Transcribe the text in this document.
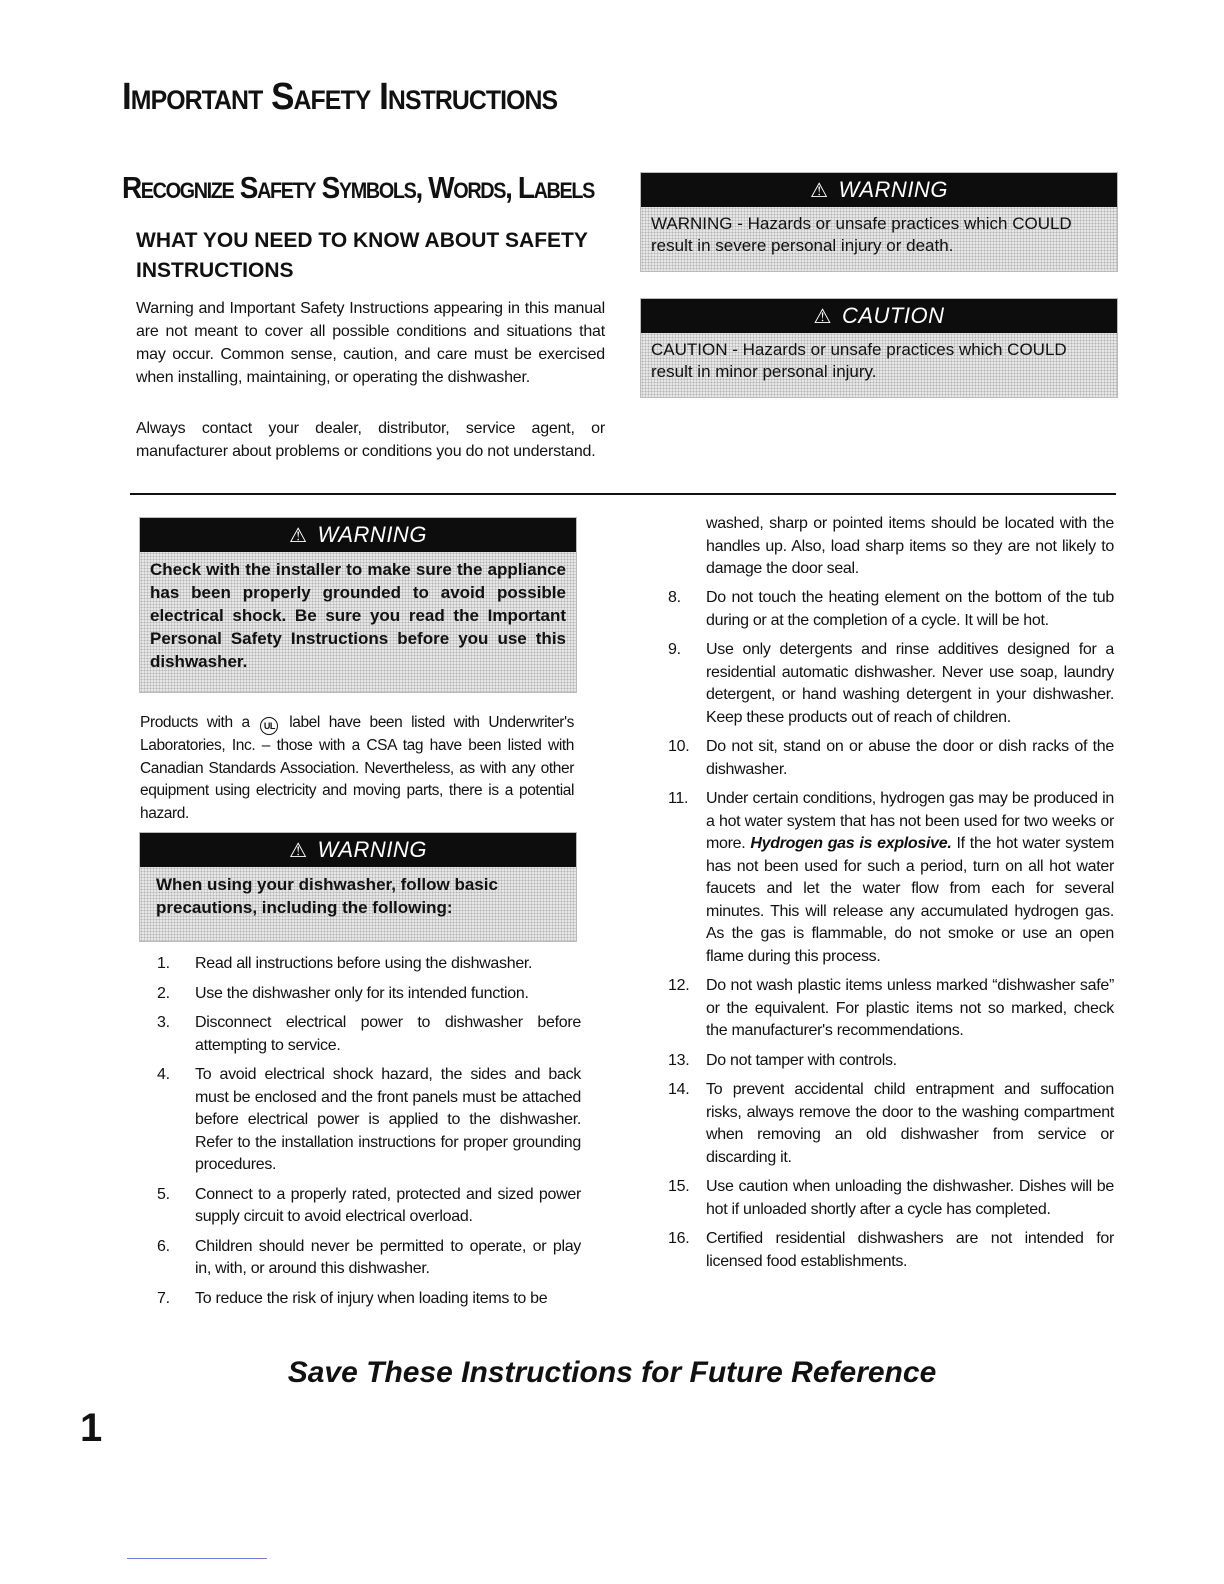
Important Safety Instructions
Recognize Safety Symbols, Words, Labels
WHAT YOU NEED TO KNOW ABOUT SAFETY INSTRUCTIONS

Warning and Important Safety Instructions appearing in this manual are not meant to cover all possible conditions and situations that may occur. Common sense, caution, and care must be exercised when installing, maintaining, or operating the dishwasher.

Always contact your dealer, distributor, service agent, or manufacturer about problems or conditions you do not understand.

⚠ WARNING
WARNING - Hazards or unsafe practices which COULD result in severe personal injury or death.
⚠ CAUTION
CAUTION - Hazards or unsafe practices which COULD result in minor personal injury.
⚠ WARNING
Check with the installer to make sure the appliance has been properly grounded to avoid possible electrical shock. Be sure you read the Important Personal Safety Instructions before you use this dishwasher.

Products with a UL label have been listed with Underwriter's Laboratories, Inc. – those with a CSA tag have been listed with Canadian Standards Association. Nevertheless, as with any other equipment using electricity and moving parts, there is a potential hazard.

⚠ WARNING
When using your dishwasher, follow basic precautions, including the following:
1.	Read all instructions before using the dishwasher.
2.	Use the dishwasher only for its intended function.
3.	Disconnect electrical power to dishwasher before attempting to service.
4.	To avoid electrical shock hazard, the sides and back must be enclosed and the front panels must be attached before electrical power is applied to the dishwasher. Refer to the installation instructions for proper grounding procedures.
5.	Connect to a properly rated, protected and sized power supply circuit to avoid electrical overload.
6.	Children should never be permitted to operate, or play in, with, or around this dishwasher.
7.	To reduce the risk of injury when loading items to be

washed, sharp or pointed items should be located with the handles up. Also, load sharp items so they are not likely to damage the door seal.

8.	Do not touch the heating element on the bottom of the tub during or at the completion of a cycle. It will be hot.
9.	Use only detergents and rinse additives designed for a residential automatic dishwasher. Never use soap, laundry detergent, or hand washing detergent in your dishwasher. Keep these products out of reach of children.
10.	Do not sit, stand on or abuse the door or dish racks of the dishwasher.
11.	Under certain conditions, hydrogen gas may be produced in a hot water system that has not been used for two weeks or more. Hydrogen gas is explosive. If the hot water system has not been used for such a period, turn on all hot water faucets and let the water flow from each for several minutes. This will release any accumulated hydrogen gas. As the gas is flammable, do not smoke or use an open flame during this process.
12.	Do not wash plastic items unless marked “dishwasher safe” or the equivalent. For plastic items not so marked, check the manufacturer's recommendations.
13.	Do not tamper with controls.
14.	To prevent accidental child entrapment and suffocation risks, always remove the door to the washing compartment when removing an old dishwasher from service or discarding it.
15.	Use caution when unloading the dishwasher. Dishes will be hot if unloaded shortly after a cycle has completed.
16.	Certified residential dishwashers are not intended for licensed food establishments.

Save These Instructions for Future Reference

1
